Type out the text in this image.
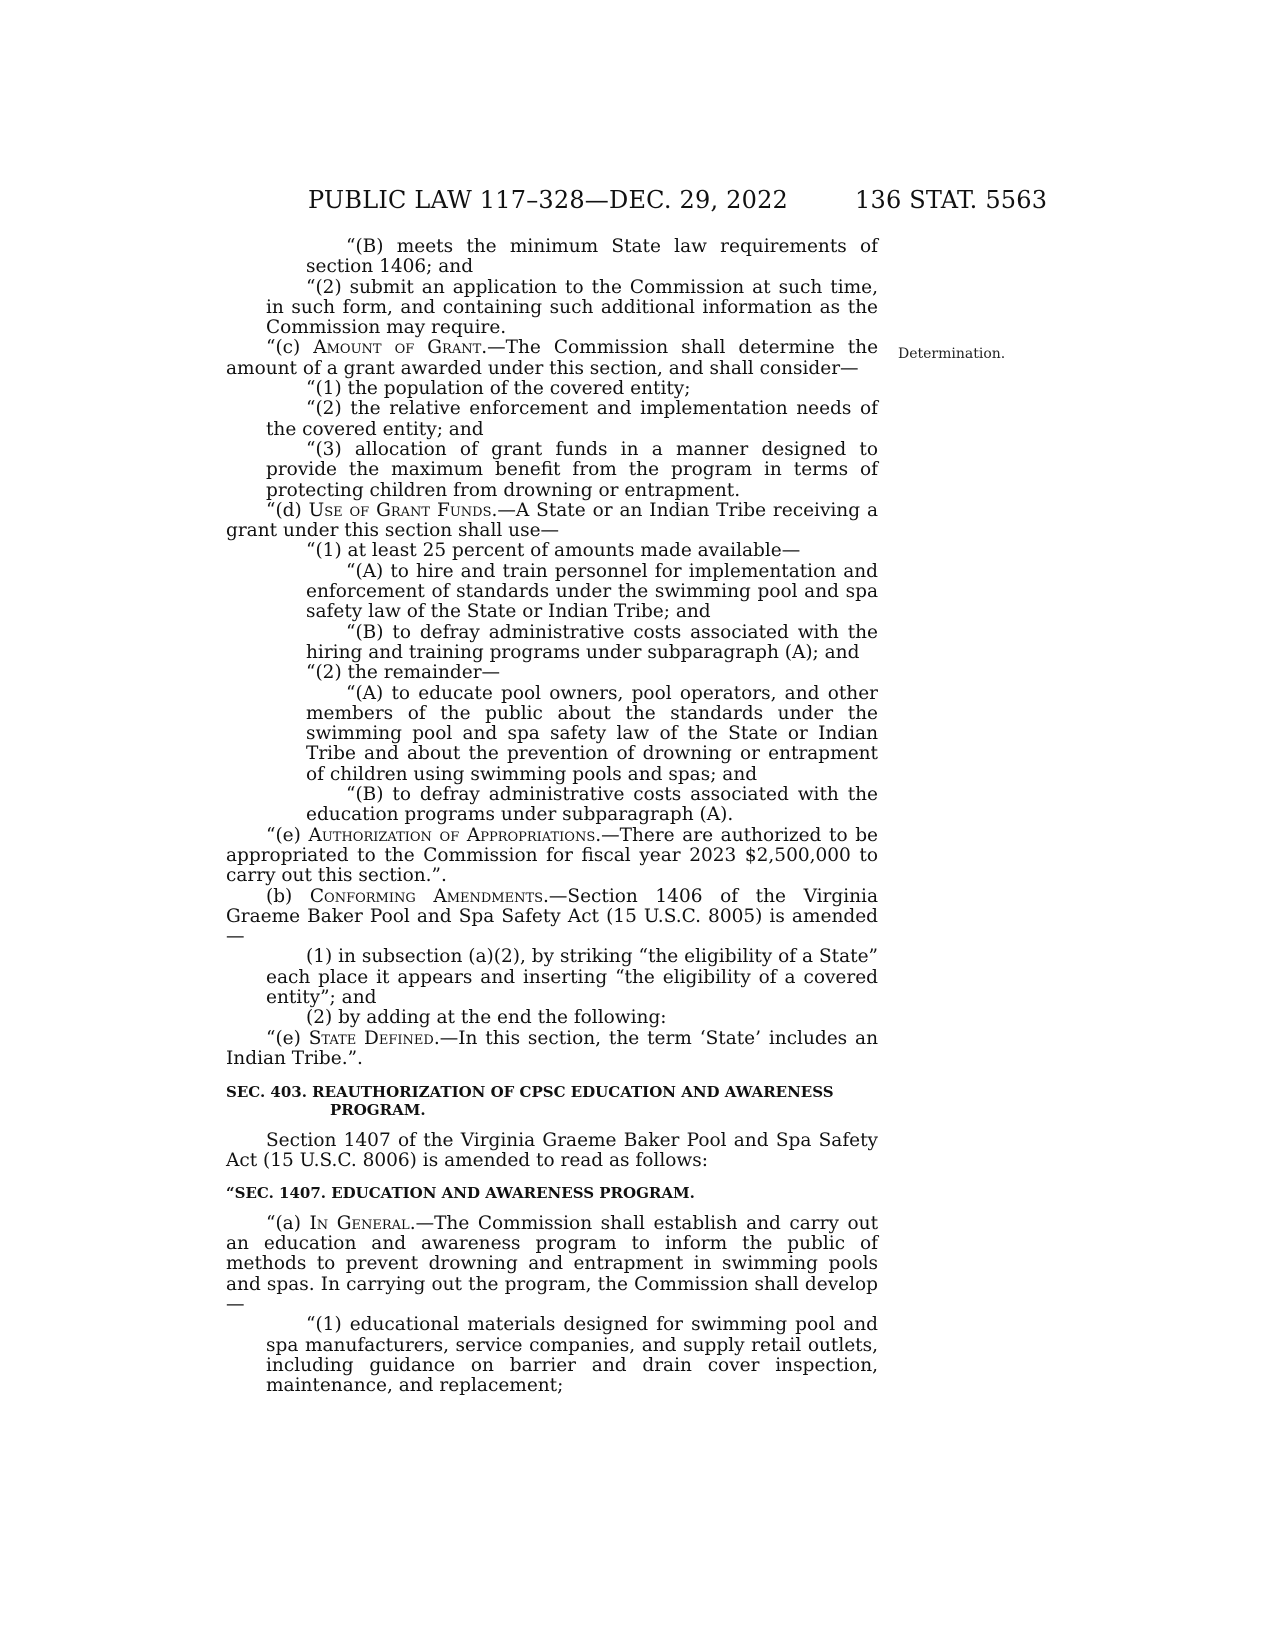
PUBLIC LAW 117–328—DEC. 29, 2022	136 STAT. 5563
Determination.

“(B) meets the minimum State law requirements of section 1406; and

“(2) submit an application to the Commission at such time, in such form, and containing such additional information as the Commission may require.

“(c) Amount of Grant.—The Commission shall determine the amount of a grant awarded under this section, and shall consider—

“(1) the population of the covered entity;

“(2) the relative enforcement and implementation needs of the covered entity; and

“(3) allocation of grant funds in a manner designed to provide the maximum benefit from the program in terms of protecting children from drowning or entrapment.

“(d) Use of Grant Funds.—A State or an Indian Tribe receiving a grant under this section shall use—

“(1) at least 25 percent of amounts made available—

“(A) to hire and train personnel for implementation and enforcement of standards under the swimming pool and spa safety law of the State or Indian Tribe; and

“(B) to defray administrative costs associated with the hiring and training programs under subparagraph (A); and

“(2) the remainder—

“(A) to educate pool owners, pool operators, and other members of the public about the standards under the swimming pool and spa safety law of the State or Indian Tribe and about the prevention of drowning or entrapment of children using swimming pools and spas; and

“(B) to defray administrative costs associated with the education programs under subparagraph (A).

“(e) Authorization of Appropriations.—There are authorized to be appropriated to the Commission for fiscal year 2023 $2,500,000 to carry out this section.”.

(b) Conforming Amendments.—Section 1406 of the Virginia Graeme Baker Pool and Spa Safety Act (15 U.S.C. 8005) is amended—

(1) in subsection (a)(2), by striking “the eligibility of a State” each place it appears and inserting “the eligibility of a covered entity”; and

(2) by adding at the end the following:

“(e) State Defined.—In this section, the term ‘State’ includes an Indian Tribe.”.

SEC. 403. REAUTHORIZATION OF CPSC EDUCATION AND AWARENESS PROGRAM.

Section 1407 of the Virginia Graeme Baker Pool and Spa Safety Act (15 U.S.C. 8006) is amended to read as follows:

“SEC. 1407. EDUCATION AND AWARENESS PROGRAM.

“(a) In General.—The Commission shall establish and carry out an education and awareness program to inform the public of methods to prevent drowning and entrapment in swimming pools and spas. In carrying out the program, the Commission shall develop—

“(1) educational materials designed for swimming pool and spa manufacturers, service companies, and supply retail outlets, including guidance on barrier and drain cover inspection, maintenance, and replacement;
